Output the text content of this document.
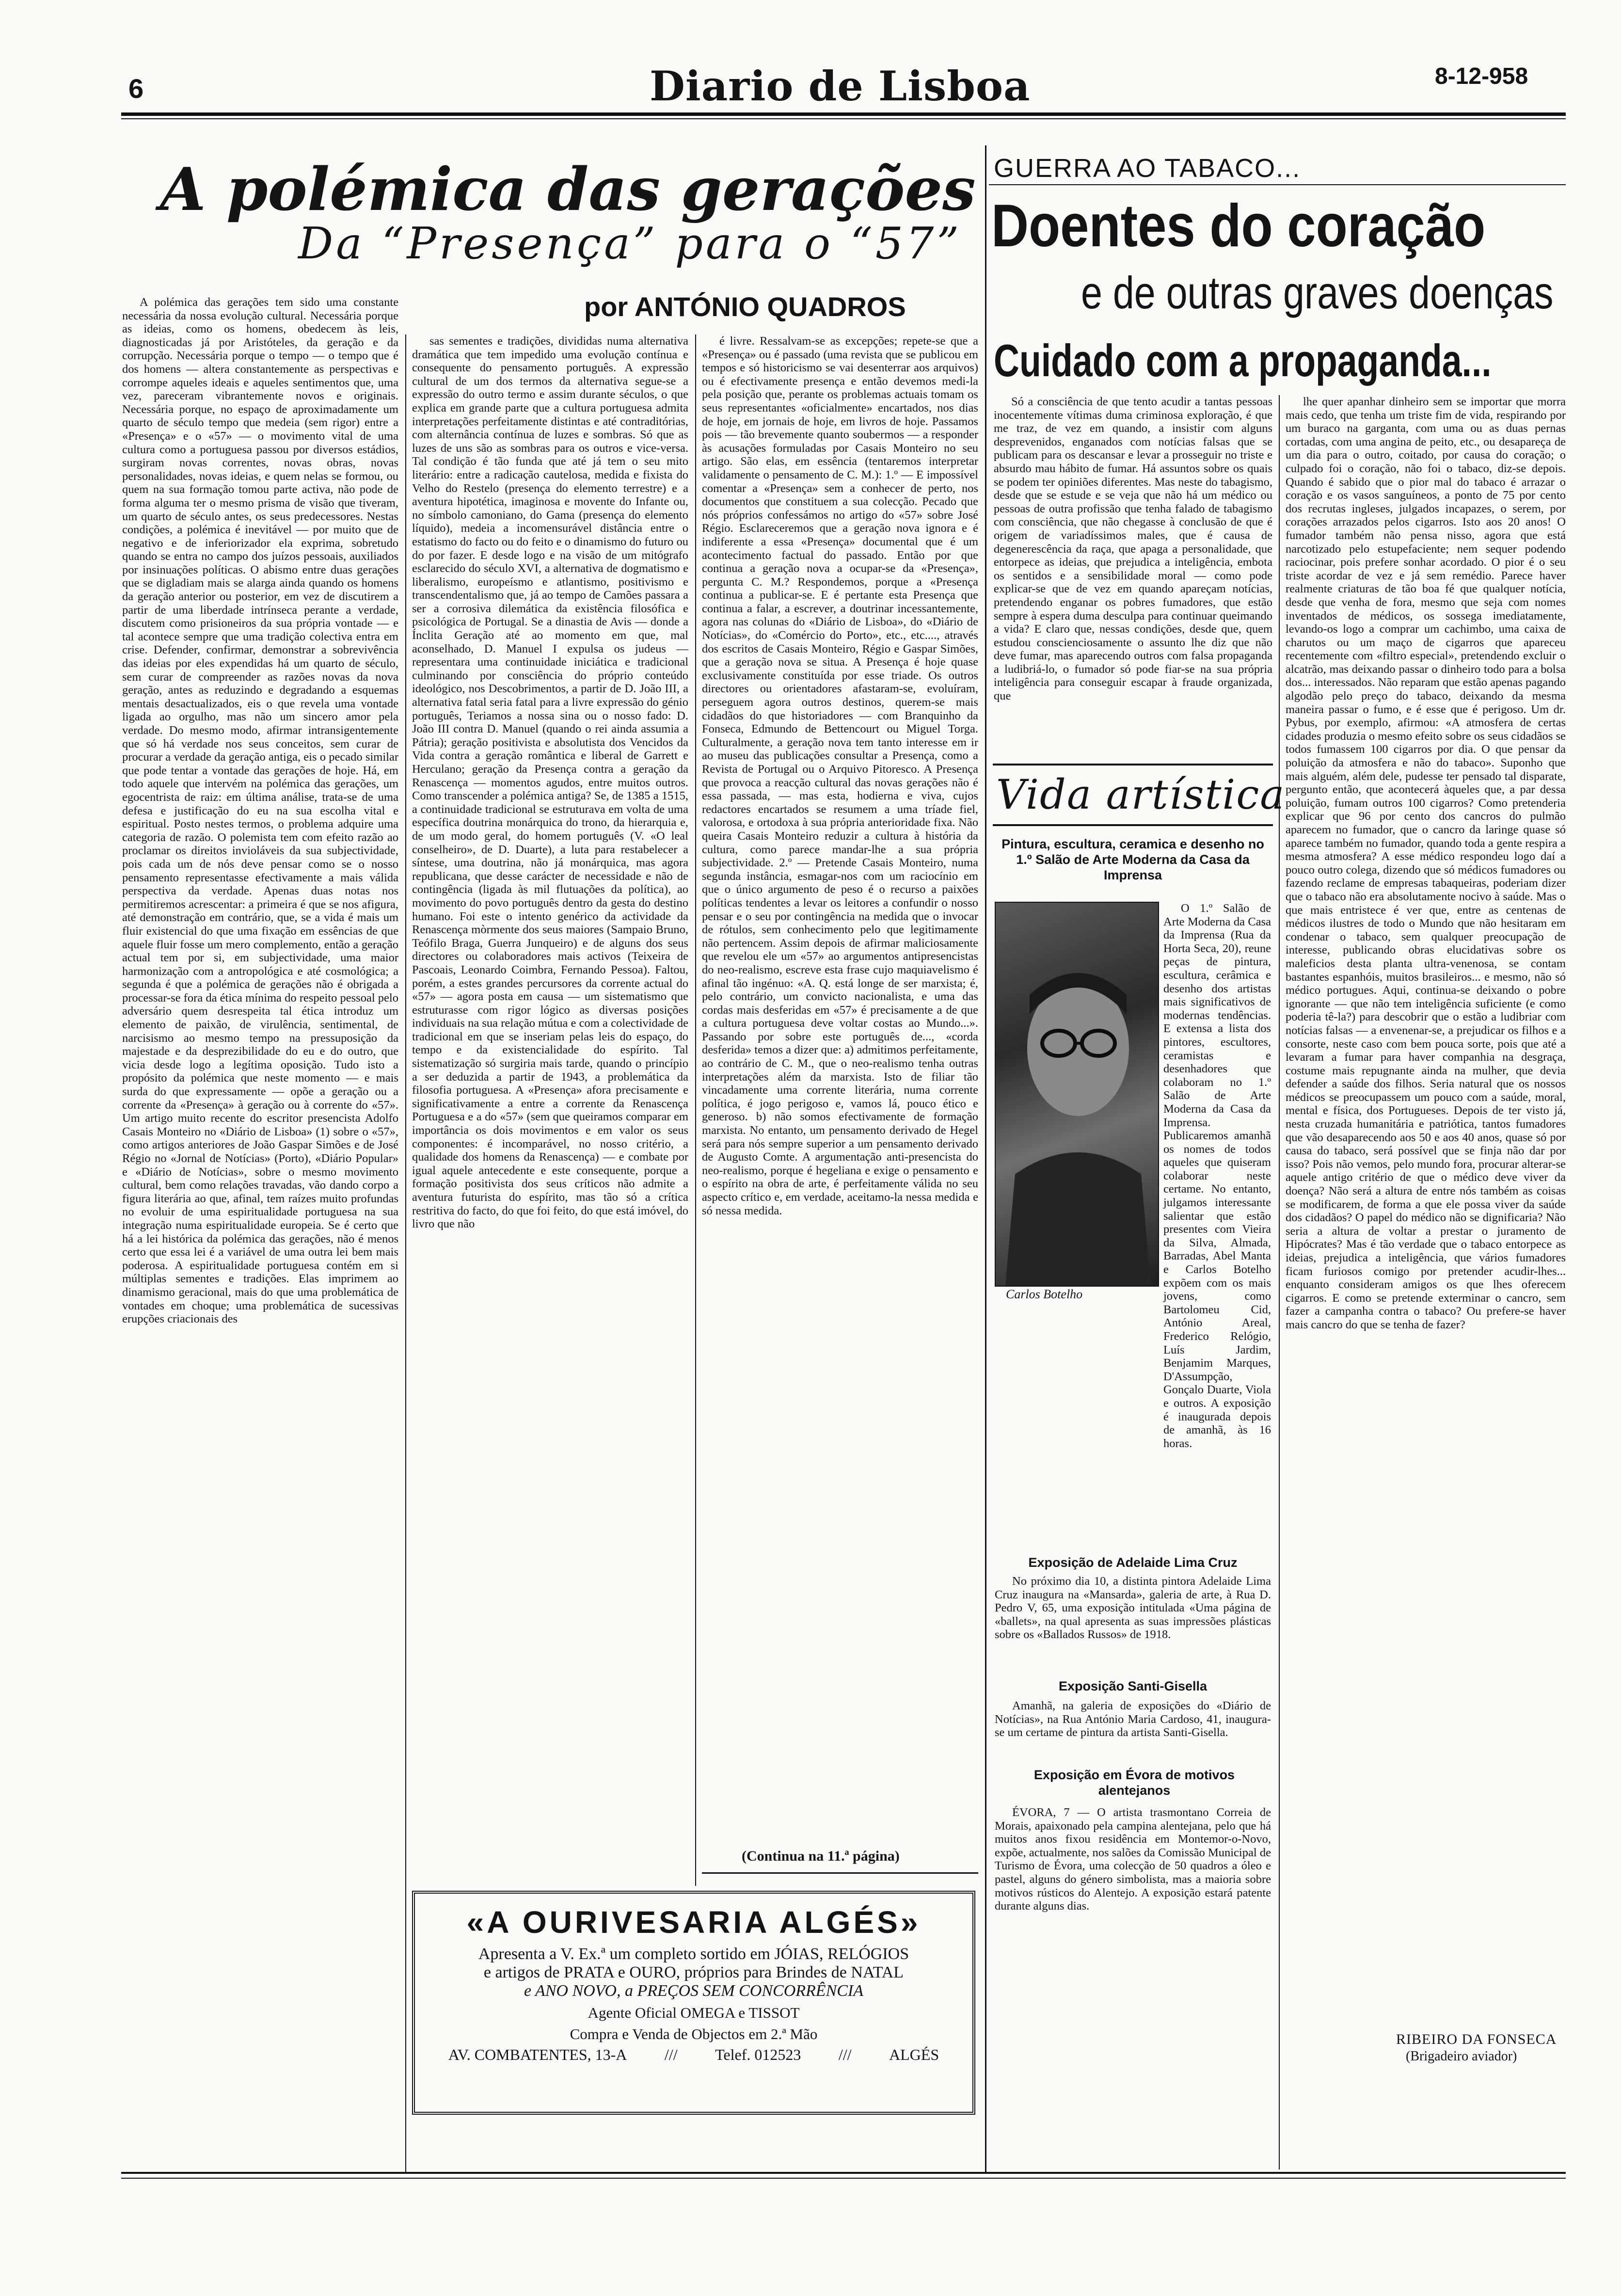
6	Diario de Lisboa	8-12-958
A polémica das gerações
Da “Presença” para o “57”
por ANTÓNIO QUADROS

A polémica das gerações tem sido uma constante necessária da nossa evolução cultural. Necessária porque as ideias, como os homens, obedecem às leis, diagnosticadas já por Aristóteles, da geração e da corrupção. Necessária porque o tempo — o tempo que é dos homens — altera constantemente as perspectivas e corrompe aqueles ideais e aqueles sentimentos que, uma vez, pareceram vibrantemente novos e originais. Necessária porque, no espaço de aproximadamente um quarto de século tempo que medeia (sem rigor) entre a «Presença» e o «57» — o movimento vital de uma cultura como a portuguesa passou por diversos estádios, surgiram novas correntes, novas obras, novas personalidades, novas ideias, e quem nelas se formou, ou quem na sua formação tomou parte activa, não pode de forma alguma ter o mesmo prisma de visão que tiveram, um quarto de século antes, os seus predecessores. Nestas condições, a polémica é inevitável — por muito que de negativo e de inferiorizador ela exprima, sobretudo quando se entra no campo dos juízos pessoais, auxiliados por insinuações políticas. O abismo entre duas gerações que se digladiam mais se alarga ainda quando os homens da geração anterior ou posterior, em vez de discutirem a partir de uma liberdade intrínseca perante a verdade, discutem como prisioneiros da sua própria vontade — e tal acontece sempre que uma tradição colectiva entra em crise. Defender, confirmar, demonstrar a sobrevivência das ideias por eles expendidas há um quarto de século, sem curar de compreender as razões novas da nova geração, antes as reduzindo e degradando a esquemas mentais desactualizados, eis o que revela uma vontade ligada ao orgulho, mas não um sincero amor pela verdade. Do mesmo modo, afirmar intransigentemente que só há verdade nos seus conceitos, sem curar de procurar a verdade da geração antiga, eis o pecado similar que pode tentar a vontade das gerações de hoje. Há, em todo aquele que intervém na polémica das gerações, um egocentrista de raiz: em última análise, trata-se de uma defesa e justificação do eu na sua escolha vital e espiritual. Posto nestes termos, o problema adquire uma categoria de razão. O polemista tem com efeito razão ao proclamar os direitos invioláveis da sua subjectividade, pois cada um de nós deve pensar como se o nosso pensamento representasse efectivamente a mais válida perspectiva da verdade. Apenas duas notas nos permitiremos acrescentar: a primeira é que se nos afigura, até demonstração em contrário, que, se a vida é mais um fluir existencial do que uma fixação em essências de que aquele fluir fosse um mero complemento, então a geração actual tem por si, em subjectividade, uma maior harmonização com a antropológica e até cosmológica; a segunda é que a polémica de gerações não é obrigada a processar-se fora da ética mínima do respeito pessoal pelo adversário quem desrespeita tal ética introduz um elemento de paixão, de virulência, sentimental, de narcisismo ao mesmo tempo na pressuposição da majestade e da desprezibilidade do eu e do outro, que vicia desde logo a legítima oposição. Tudo isto a propósito da polémica que neste momento — e mais surda do que expressamente — opõe a geração ou a corrente da «Presença» à geração ou à corrente do «57». Um artigo muito recente do escritor presencista Adolfo Casais Monteiro no «Diário de Lisboa» (1) sobre o «57», como artigos anteriores de João Gaspar Simões e de José Régio no «Jornal de Notícias» (Porto), «Diário Popular» e «Diário de Notícias», sobre o mesmo movimento cultural, bem como relações travadas, vão dando corpo a figura literária ao que, afinal, tem raízes muito profundas no evoluir de uma espiritualidade portuguesa na sua integração numa espiritualidade europeia. Se é certo que há a lei histórica da polémica das gerações, não é menos certo que essa lei é a variável de uma outra lei bem mais poderosa. A espiritualidade portuguesa contém em si múltiplas sementes e tradições. Elas imprimem ao dinamismo geracional, mais do que uma problemática de vontades em choque; uma problemática de sucessivas erupções criacionais des

sas sementes e tradições, divididas numa alternativa dramática que tem impedido uma evolução contínua e consequente do pensamento português. A expressão cultural de um dos termos da alternativa segue-se a expressão do outro termo e assim durante séculos, o que explica em grande parte que a cultura portuguesa admita interpretações perfeitamente distintas e até contraditórias, com alternância contínua de luzes e sombras. Só que as luzes de uns são as sombras para os outros e vice-versa. Tal condição é tão funda que até já tem o seu mito literário: entre a radicação cautelosa, medida e fixista do Velho do Restelo (presença do elemento terrestre) e a aventura hipotética, imaginosa e movente do Infante ou, no símbolo camoniano, do Gama (presença do elemento líquido), medeia a incomensurável distância entre o estatismo do facto ou do feito e o dinamismo do futuro ou do por fazer. E desde logo e na visão de um mitógrafo esclarecido do século XVI, a alternativa de dogmatismo e liberalismo, europeísmo e atlantismo, positivismo e transcendentalismo que, já ao tempo de Camões passara a ser a corrosiva dilemática da existência filosófica e psicológica de Portugal. Se a dinastia de Avis — donde a Ínclita Geração até ao momento em que, mal aconselhado, D. Manuel I expulsa os judeus — representara uma continuidade iniciática e tradicional culminando por consciência do próprio conteúdo ideológico, nos Descobrimentos, a partir de D. João III, a alternativa fatal seria fatal para a livre expressão do génio português, Teriamos a nossa sina ou o nosso fado: D. João III contra D. Manuel (quando o rei ainda assumia a Pátria); geração positivista e absolutista dos Vencidos da Vida contra a geração romântica e liberal de Garrett e Herculano; geração da Presença contra a geração da Renascença — momentos agudos, entre muitos outros. Como transcender a polémica antiga? Se, de 1385 a 1515, a continuidade tradicional se estruturava em volta de uma específica doutrina monárquica do trono, da hierarquia e, de um modo geral, do homem português (V. «O leal conselheiro», de D. Duarte), a luta para restabelecer a síntese, uma doutrina, não já monárquica, mas agora republicana, que desse carácter de necessidade e não de contingência (ligada às mil flutuações da política), ao movimento do povo português dentro da gesta do destino humano. Foi este o intento genérico da actividade da Renascença mòrmente dos seus maiores (Sampaio Bruno, Teófilo Braga, Guerra Junqueiro) e de alguns dos seus directores ou colaboradores mais activos (Teixeira de Pascoais, Leonardo Coimbra, Fernando Pessoa). Faltou, porém, a estes grandes percursores da corrente actual do «57» — agora posta em causa — um sistematismo que estruturasse com rigor lógico as diversas posições individuais na sua relação mútua e com a colectividade de tradicional em que se inseriam pelas leis do espaço, do tempo e da existencialidade do espírito. Tal sistematização só surgiria mais tarde, quando o princípio a ser deduzida a partir de 1943, a problemática da filosofia portuguesa. A «Presença» afora precisamente e significativamente a entre a corrente da Renascença Portuguesa e a do «57» (sem que queiramos comparar em importância os dois movimentos e em valor os seus componentes: é incomparável, no nosso critério, a qualidade dos homens da Renascença) — e combate por igual aquele antecedente e este consequente, porque a formação positivista dos seus críticos não admite a aventura futurista do espírito, mas tão só a crítica restritiva do facto, do que foi feito, do que está imóvel, do livro que não

é livre. Ressalvam-se as excepções; repete-se que a «Presença» ou é passado (uma revista que se publicou em tempos e só historicismo se vai desenterrar aos arquivos) ou é efectivamente presença e então devemos medi-la pela posição que, perante os problemas actuais tomam os seus representantes «oficialmente» encartados, nos dias de hoje, em jornais de hoje, em livros de hoje. Passamos pois — tão brevemente quanto soubermos — a responder às acusações formuladas por Casais Monteiro no seu artigo. São elas, em essência (tentaremos interpretar validamente o pensamento de C. M.): 1.º — E impossível comentar a «Presença» sem a conhecer de perto, nos documentos que constituem a sua colecção. Pecado que nós próprios confessámos no artigo do «57» sobre José Régio. Esclareceremos que a geração nova ignora e é indiferente a essa «Presença» documental que é um acontecimento factual do passado. Então por que continua a geração nova a ocupar-se da «Presença», pergunta C. M.? Respondemos, porque a «Presença continua a publicar-se. E é pertante esta Presença que continua a falar, a escrever, a doutrinar incessantemente, agora nas colunas do «Diário de Lisboa», do «Diário de Notícias», do «Comércio do Porto», etc., etc...., através dos escritos de Casais Monteiro, Régio e Gaspar Simões, que a geração nova se situa. A Presença é hoje quase exclusivamente constituída por esse triade. Os outros directores ou orientadores afastaram-se, evoluíram, perseguem agora outros destinos, querem-se mais cidadãos do que historiadores — com Branquinho da Fonseca, Edmundo de Bettencourt ou Miguel Torga. Culturalmente, a geração nova tem tanto interesse em ir ao museu das publicações consultar a Presença, como a Revista de Portugal ou o Arquivo Pitoresco. A Presença que provoca a reacção cultural das novas gerações não é essa passada, — mas esta, hodierna e viva, cujos redactores encartados se resumem a uma tríade fiel, valorosa, e ortodoxa à sua própria anterioridade fixa. Não queira Casais Monteiro reduzir a cultura à história da cultura, como parece mandar-lhe a sua própria subjectividade. 2.º — Pretende Casais Monteiro, numa segunda instância, esmagar-nos com um raciocínio em que o único argumento de peso é o recurso a paixões políticas tendentes a levar os leitores a confundir o nosso pensar e o seu por contingência na medida que o invocar de rótulos, sem conhecimento pelo que legitimamente não pertencem. Assim depois de afirmar maliciosamente que revelou ele um «57» ao argumentos antipresencistas do neo-realismo, escreve esta frase cujo maquiavelismo é afinal tão ingénuo: «A. Q. está longe de ser marxista; é, pelo contrário, um convicto nacionalista, e uma das cordas mais desferidas em «57» é precisamente a de que a cultura portuguesa deve voltar costas ao Mundo...». Passando por sobre este português de..., «corda desferida» temos a dizer que: a) admitimos perfeitamente, ao contrário de C. M., que o neo-realismo tenha outras interpretações além da marxista. Isto de filiar tão vincadamente uma corrente literária, numa corrente política, é jogo perigoso e, vamos lá, pouco ético e generoso. b) não somos efectivamente de formação marxista. No entanto, um pensamento derivado de Hegel será para nós sempre superior a um pensamento derivado de Augusto Comte. A argumentação anti-presencista do neo-realismo, porque é hegeliana e exige o pensamento e o espírito na obra de arte, é perfeitamente válida no seu aspecto crítico e, em verdade, aceitamo-la nessa medida e só nessa medida.

(Continua na 11.ª página)
«A OURIVESARIA ALGÉS»
Apresenta a V. Ex.ª um completo sortido em JÓIAS, RELÓGIOS
e artigos de PRATA e OURO, próprios para Brindes de NATAL
e ANO NOVO, a PREÇOS SEM CONCORRÊNCIA
Agente Oficial OMEGA e TISSOT
Compra e Venda de Objectos em 2.ª Mão
AV. COMBATENTES, 13-A /// Telef. 012523 /// ALGÉS
GUERRA AO TABACO...
Doentes do coração
e de outras graves doenças
Cuidado com a propaganda...

Só a consciência de que tento acudir a tantas pessoas inocentemente vítimas duma criminosa exploração, é que me traz, de vez em quando, a insistir com alguns desprevenidos, enganados com notícias falsas que se publicam para os descansar e levar a prosseguir no triste e absurdo mau hábito de fumar. Há assuntos sobre os quais se podem ter opiniões diferentes. Mas neste do tabagismo, desde que se estude e se veja que não há um médico ou pessoas de outra profissão que tenha falado de tabagismo com consciência, que não chegasse à conclusão de que é origem de variadíssimos males, que é causa de degenerescência da raça, que apaga a personalidade, que entorpece as ideias, que prejudica a inteligência, embota os sentidos e a sensibilidade moral — como pode explicar-se que de vez em quando apareçam notícias, pretendendo enganar os pobres fumadores, que estão sempre à espera duma desculpa para continuar queimando a vida? E claro que, nessas condições, desde que, quem estudou conscienciosamente o assunto lhe diz que não deve fumar, mas aparecendo outros com falsa propaganda a ludibriá-lo, o fumador só pode fiar-se na sua própria inteligência para conseguir escapar à fraude organizada, que

lhe quer apanhar dinheiro sem se importar que morra mais cedo, que tenha um triste fim de vida, respirando por um buraco na garganta, com uma ou as duas pernas cortadas, com uma angina de peito, etc., ou desapareça de um dia para o outro, coitado, por causa do coração; o culpado foi o coração, não foi o tabaco, diz-se depois. Quando é sabido que o pior mal do tabaco é arrazar o coração e os vasos sanguíneos, a ponto de 75 por cento dos recrutas ingleses, julgados incapazes, o serem, por corações arrazados pelos cigarros. Isto aos 20 anos! O fumador também não pensa nisso, agora que está narcotizado pelo estupefaciente; nem sequer podendo raciocinar, pois prefere sonhar acordado. O pior é o seu triste acordar de vez e já sem remédio. Parece haver realmente criaturas de tão boa fé que qualquer notícia, desde que venha de fora, mesmo que seja com nomes inventados de médicos, os sossega imediatamente, levando-os logo a comprar um cachimbo, uma caixa de charutos ou um maço de cigarros que apareceu recentemente com «filtro especial», pretendendo excluir o alcatrão, mas deixando passar o dinheiro todo para a bolsa dos... interessados. Não reparam que estão apenas pagando algodão pelo preço do tabaco, deixando da mesma maneira passar o fumo, e é esse que é perigoso. Um dr. Pybus, por exemplo, afirmou: «A atmosfera de certas cidades produzia o mesmo efeito sobre os seus cidadãos se todos fumassem 100 cigarros por dia. O que pensar da poluição da atmosfera e não do tabaco». Suponho que mais alguém, além dele, pudesse ter pensado tal disparate, pergunto então, que acontecerá àqueles que, a par dessa poluição, fumam outros 100 cigarros? Como pretenderia explicar que 96 por cento dos cancros do pulmão aparecem no fumador, que o cancro da laringe quase só aparece também no fumador, quando toda a gente respira a mesma atmosfera? A esse médico respondeu logo daí a pouco outro colega, dizendo que só médicos fumadores ou fazendo reclame de empresas tabaqueiras, poderiam dizer que o tabaco não era absolutamente nocivo à saúde. Mas o que mais entristece é ver que, entre as centenas de médicos ilustres de todo o Mundo que não hesitaram em condenar o tabaco, sem qualquer preocupação de interesse, publicando obras elucidativas sobre os maleficios desta planta ultra-venenosa, se contam bastantes espanhóis, muitos brasileiros... e mesmo, não só médico portugues. Aqui, continua-se deixando o pobre ignorante — que não tem inteligência suficiente (e como poderia tê-la?) para descobrir que o estão a ludibriar com notícias falsas — a envenenar-se, a prejudicar os filhos e a consorte, neste caso com bem pouca sorte, pois que até a levaram a fumar para haver companhia na desgraça, costume mais repugnante ainda na mulher, que devia defender a saúde dos filhos. Seria natural que os nossos médicos se preocupassem um pouco com a saúde, moral, mental e física, dos Portugueses. Depois de ter visto já, nesta cruzada humanitária e patriótica, tantos fumadores que vão desaparecendo aos 50 e aos 40 anos, quase só por causa do tabaco, será possível que se finja não dar por isso? Pois não vemos, pelo mundo fora, procurar alterar-se aquele antigo critério de que o médico deve viver da doença? Não será a altura de entre nós também as coisas se modificarem, de forma a que ele possa viver da saúde dos cidadãos? O papel do médico não se dignificaria? Não seria a altura de voltar a prestar o juramento de Hipócrates? Mas é tão verdade que o tabaco entorpece as ideias, prejudica a inteligência, que vários fumadores ficam furiosos comigo por pretender acudir-lhes... enquanto consideram amigos os que lhes oferecem cigarros. E como se pretende exterminar o cancro, sem fazer a campanha contra o tabaco? Ou prefere-se haver mais cancro do que se tenha de fazer?

RIBEIRO DA FONSECA
(Brigadeiro aviador)
Vida artística
Pintura, escultura, ceramica e desenho no 1.º Salão de Arte Moderna da Casa da Imprensa
Carlos Botelho

O 1.º Salão de Arte Moderna da Casa da Imprensa (Rua da Horta Seca, 20), reune peças de pintura, escultura, cerâmica e desenho dos artistas mais significativos de modernas tendências. E extensa a lista dos pintores, escultores, ceramistas e desenhadores que colaboram no 1.º Salão de Arte Moderna da Casa da Imprensa. Publicaremos amanhã os nomes de todos aqueles que quiseram colaborar neste certame. No entanto, julgamos interessante salientar que estão presentes com Vieira da Silva, Almada, Barradas, Abel Manta e Carlos Botelho expõem com os mais jovens, como Bartolomeu Cid, António Areal, Frederico Relógio, Luís Jardim, Benjamim Marques, D'Assumpção, Gonçalo Duarte, Viola e outros. A exposição é inaugurada depois de amanhã, às 16 horas.

Exposição de Adelaide Lima Cruz

No próximo dia 10, a distinta pintora Adelaide Lima Cruz inaugura na «Mansarda», galeria de arte, à Rua D. Pedro V, 65, uma exposição intitulada «Uma página de «ballets», na qual apresenta as suas impressões plásticas sobre os «Ballados Russos» de 1918.

Exposição Santi-Gisella

Amanhã, na galeria de exposições do «Diário de Notícias», na Rua António Maria Cardoso, 41, inaugura-se um certame de pintura da artista Santi-Gisella.

Exposição em Évora de motivos alentejanos

ÉVORA, 7 — O artista trasmontano Correia de Morais, apaixonado pela campina alentejana, pelo que há muitos anos fixou residência em Montemor-o-Novo, expõe, actualmente, nos salões da Comissão Municipal de Turismo de Évora, uma colecção de 50 quadros a óleo e pastel, alguns do género simbolista, mas a maioria sobre motivos rústicos do Alentejo. A exposição estará patente durante alguns dias.
